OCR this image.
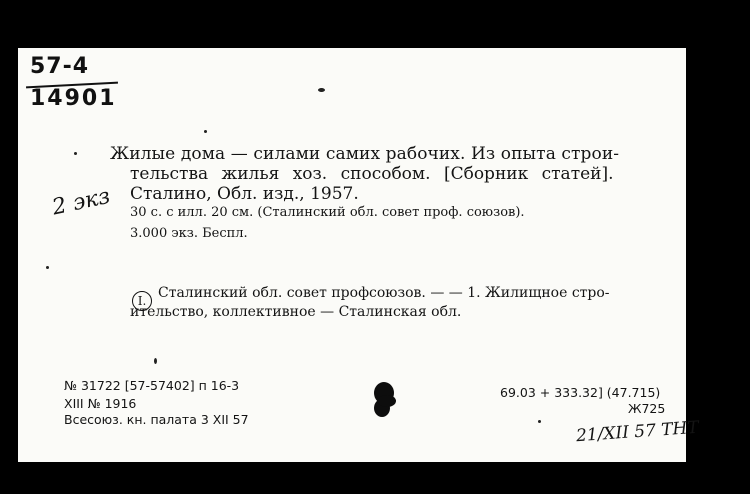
57-4
14901
2 экз
Жилые дома — силами самих рабочих. Из опыта строи-
тельства жилья хоз. способом. [Сборник статей].
Сталино, Обл. изд., 1957.
30 с. с илл. 20 см. (Сталинский обл. совет проф. союзов).
3.000 экз. Беспл.
I. Сталинский обл. совет профсоюзов. — — 1. Жилищное стро-
ительство, коллективное — Сталинская обл.
№ 31722 [57-57402] п 16-3
XIII № 1916
Всесоюз. кн. палата 3 XII 57
69.03 + 333.32] (47.715)
Ж725
21/XII 57 ТНТ
